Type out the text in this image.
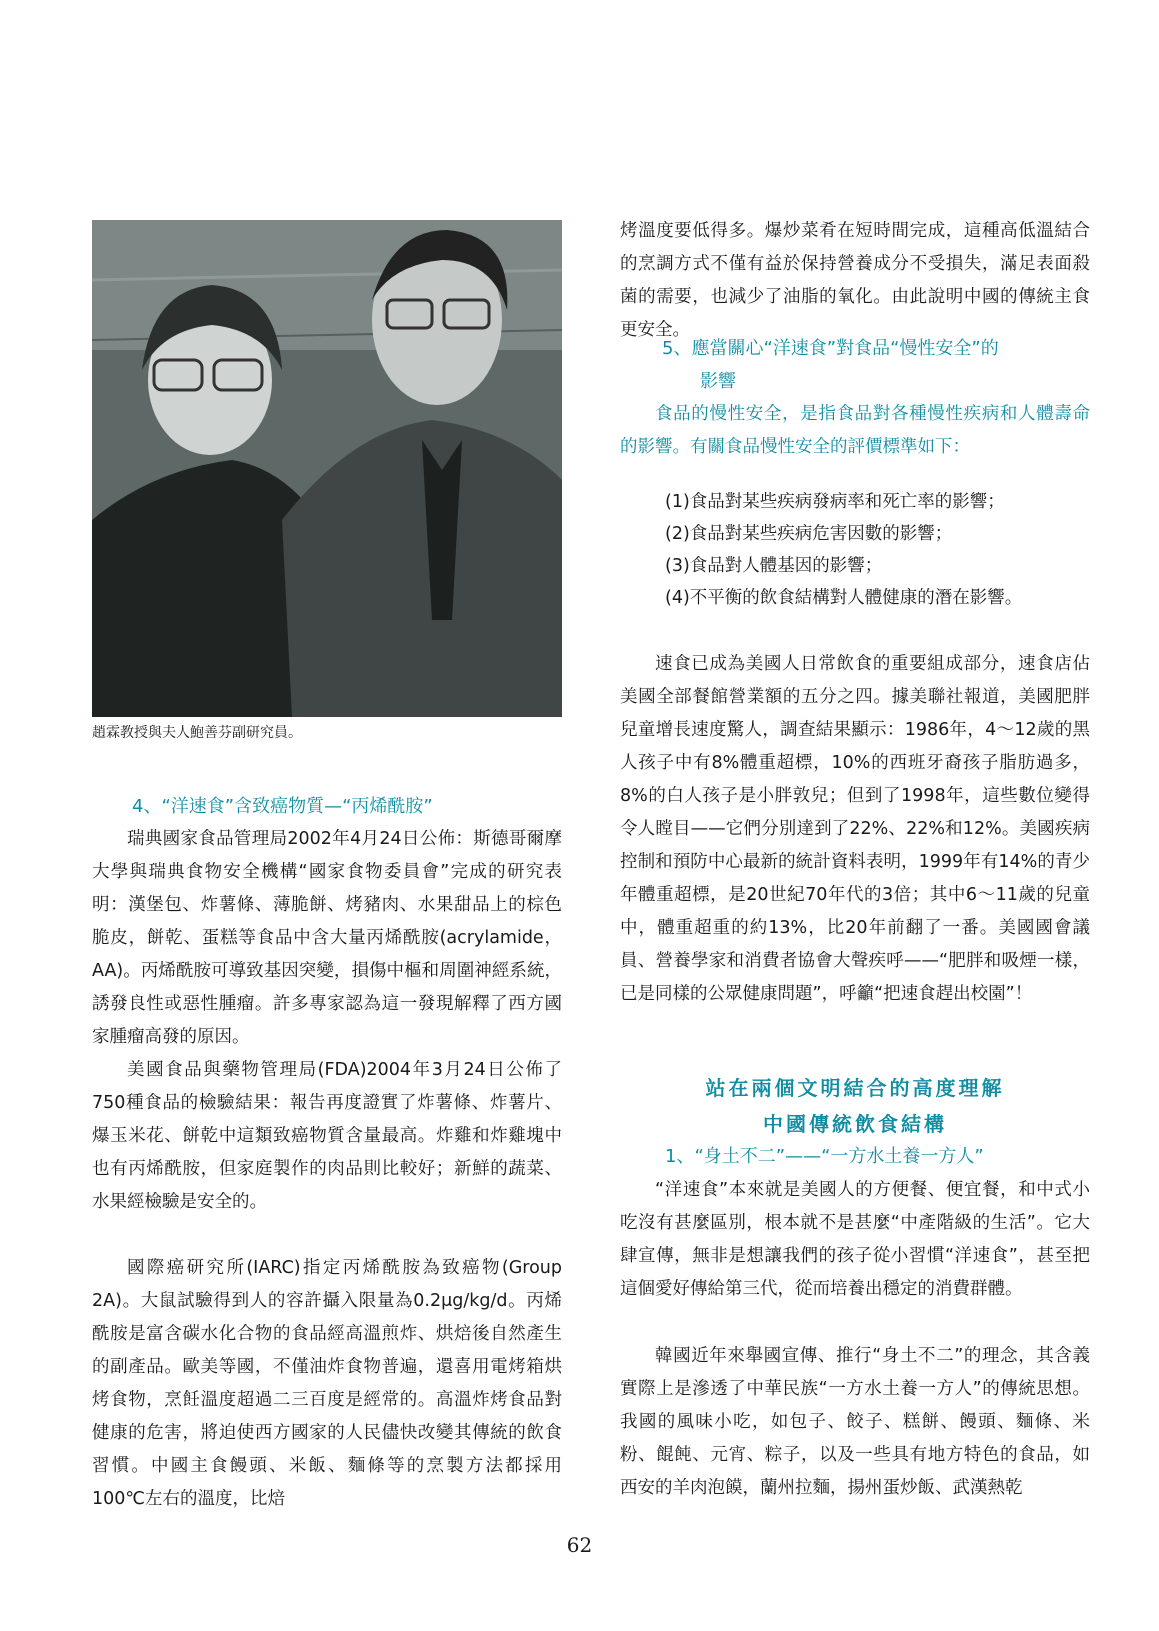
趙霖教授與夫人鮑善芬副研究員。
4、“洋速食”含致癌物質—“丙烯酰胺”

瑞典國家食品管理局2002年4月24日公佈：斯德哥爾摩大學與瑞典食物安全機構“國家食物委員會”完成的研究表明：漢堡包、炸薯條、薄脆餅、烤豬肉、水果甜品上的棕色脆皮，餅乾、蛋糕等食品中含大量丙烯酰胺(acrylamide，AA)。丙烯酰胺可導致基因突變，損傷中樞和周圍神經系統，誘發良性或惡性腫瘤。許多專家認為這一發現解釋了西方國家腫瘤高發的原因。

美國食品與藥物管理局(FDA)2004年3月24日公佈了750種食品的檢驗結果：報告再度證實了炸薯條、炸薯片、爆玉米花、餅乾中這類致癌物質含量最高。炸雞和炸雞塊中也有丙烯酰胺，但家庭製作的肉品則比較好；新鮮的蔬菜、水果經檢驗是安全的。

國際癌研究所(IARC)指定丙烯酰胺為致癌物(Group 2A)。大鼠試驗得到人的容許攝入限量為0.2μg/kg/d。丙烯酰胺是富含碳水化合物的食品經高溫煎炸、烘焙後自然產生的副產品。歐美等國，不僅油炸食物普遍，還喜用電烤箱烘烤食物，烹飪溫度超過二三百度是經常的。高溫炸烤食品對健康的危害，將迫使西方國家的人民儘快改變其傳統的飲食習慣。中國主食饅頭、米飯、麵條等的烹製方法都採用100℃左右的溫度，比焙

烤溫度要低得多。爆炒菜肴在短時間完成，這種高低溫結合的烹調方式不僅有益於保持營養成分不受損失，滿足表面殺菌的需要，也減少了油脂的氧化。由此說明中國的傳統主食更安全。

5、應當關心“洋速食”對食品“慢性安全”的
影響

食品的慢性安全，是指食品對各種慢性疾病和人體壽命的影響。有關食品慢性安全的評價標準如下：

(1)食品對某些疾病發病率和死亡率的影響；
(2)食品對某些疾病危害因數的影響；
(3)食品對人體基因的影響；
(4)不平衡的飲食結構對人體健康的潛在影響。

速食已成為美國人日常飲食的重要組成部分，速食店佔美國全部餐館營業額的五分之四。據美聯社報道，美國肥胖兒童增長速度驚人，調查結果顯示：1986年，4～12歲的黑人孩子中有8%體重超標，10%的西班牙裔孩子脂肪過多，8%的白人孩子是小胖敦兒；但到了1998年，這些數位變得令人瞠目——它們分別達到了22%、22%和12%。美國疾病控制和預防中心最新的統計資料表明，1999年有14%的青少年體重超標，是20世紀70年代的3倍；其中6～11歲的兒童中，體重超重的約13%，比20年前翻了一番。美國國會議員、營養學家和消費者協會大聲疾呼——“肥胖和吸煙一樣，已是同樣的公眾健康問題”，呼籲“把速食趕出校園”！

站在兩個文明結合的高度理解
中國傳統飲食結構
1、“身土不二”——“一方水土養一方人”

“洋速食”本來就是美國人的方便餐、便宜餐，和中式小吃沒有甚麼區別，根本就不是甚麼“中產階級的生活”。它大肆宣傳，無非是想讓我們的孩子從小習慣“洋速食”，甚至把這個愛好傳給第三代，從而培養出穩定的消費群體。

韓國近年來舉國宣傳、推行“身土不二”的理念，其含義實際上是滲透了中華民族“一方水土養一方人”的傳統思想。我國的風味小吃，如包子、餃子、糕餅、饅頭、麵條、米粉、餛飩、元宵、粽子，以及一些具有地方特色的食品，如西安的羊肉泡饃，蘭州拉麵，揚州蛋炒飯、武漢熱乾

62
